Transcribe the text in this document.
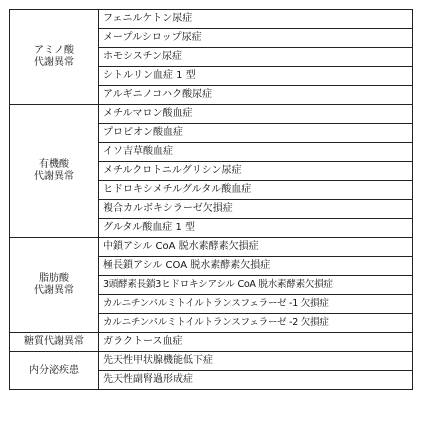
アミノ酸
代謝異常	フェニルケトン尿症
	メープルシロップ尿症
	ホモシスチン尿症
	シトルリン血症 1 型
	アルギニノコハク酸尿症

有機酸
代謝異常	メチルマロン酸血症
	プロピオン酸血症
	イソ吉草酸血症
	メチルクロトニルグリシン尿症
	ヒドロキシメチルグルタル酸血症
	複合カルボキシラーゼ欠損症
	グルタル酸血症 1 型

脂肪酸
代謝異常	中鎖アシル CoA 脱水素酵素欠損症
	極長鎖アシル COA 脱水素酵素欠損症
	3頭酵素長鎖3ヒドロキシアシル CoA 脱水素酵素欠損症
	カルニチンパルミトイルトランスフェラーゼ -1 欠損症
	カルニチンパルミトイルトランスフェラーゼ -2 欠損症

糖質代謝異常	ガラクトース血症

内分泌疾患	先天性甲状腺機能低下症
	先天性副腎過形成症
